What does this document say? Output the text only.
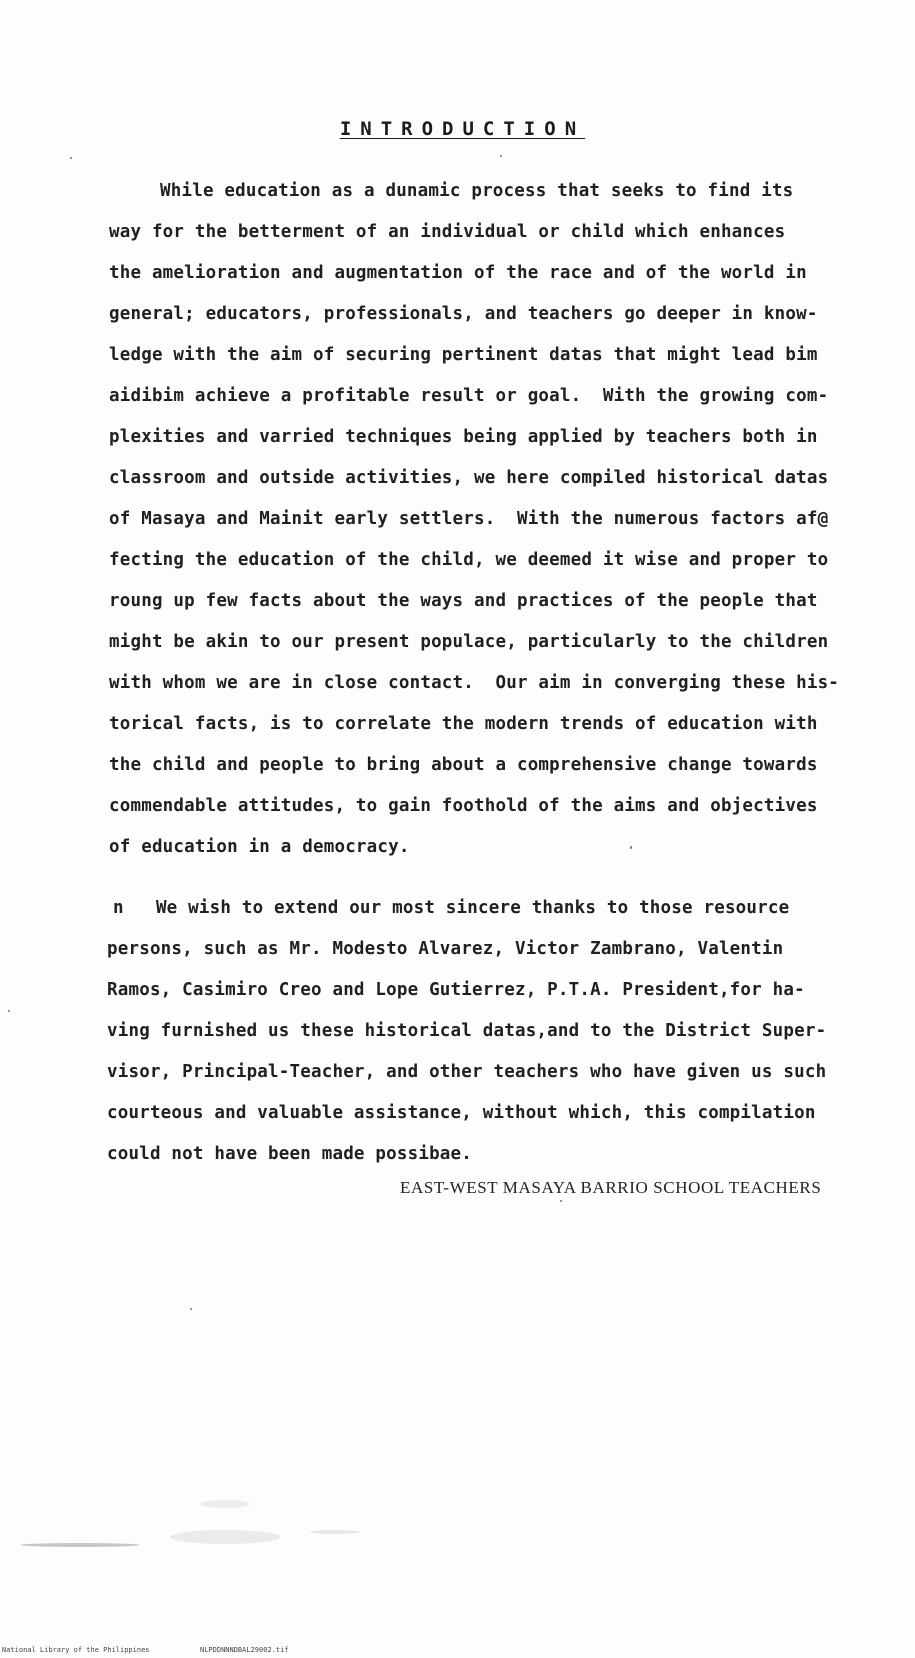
INTRODUCTION
While education as a dunamic process that seeks to find its
way for the betterment of an individual or child which enhances
the amelioration and augmentation of the race and of the world in
general; educators, professionals, and teachers go deeper in know-
ledge with the aim of securing pertinent datas that might lead bim
aidibim achieve a profitable result or goal.  With the growing com-
plexities and varried techniques being applied by teachers both in
classroom and outside activities, we here compiled historical datas
of Masaya and Mainit early settlers.  With the numerous factors af@
fecting the education of the child, we deemed it wise and proper to
roung up few facts about the ways and practices of the people that
might be akin to our present populace, particularly to the children
with whom we are in close contact.  Our aim in converging these his-
torical facts, is to correlate the modern trends of education with
the child and people to bring about a comprehensive change towards
commendable attitudes, to gain foothold of the aims and objectives
of education in a democracy.
n   We wish to extend our most sincere thanks to those resource
persons, such as Mr. Modesto Alvarez, Victor Zambrano, Valentin
Ramos, Casimiro Creo and Lope Gutierrez, P.T.A. President,for ha-
ving furnished us these historical datas,and to the District Super-
visor, Principal-Teacher, and other teachers who have given us such
courteous and valuable assistance, without which, this compilation
could not have been made possibae.
EAST-WEST MASAYA BARRIO SCHOOL TEACHERS
National Library of the Philippines	NLPDDNNNDBAL29002.tif
